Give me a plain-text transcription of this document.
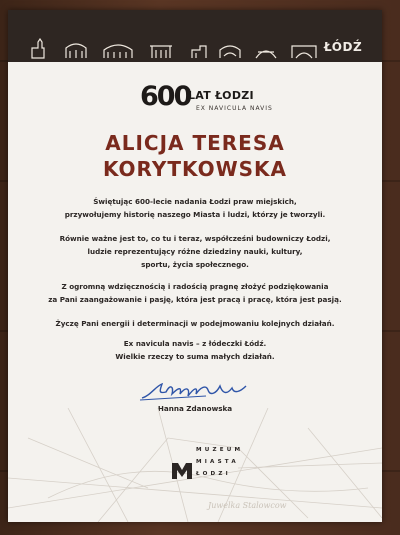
ŁÓDŹ
600
LAT ŁODZI
EX NAVICULA NAVIS
ALICJA TERESA
KORYTKOWSKA
Świętując 600-lecie nadania Łodzi praw miejskich,
przywołujemy historię naszego Miasta i ludzi, którzy je tworzyli.
Równie ważne jest to, co tu i teraz, współcześni budowniczy Łodzi,
ludzie reprezentujący różne dziedziny nauki, kultury,
sportu, życia społecznego.
Z ogromną wdzięcznością i radością pragnę złożyć podziękowania
za Pani zaangażowanie i pasję, która jest pracą i pracę, która jest pasją.
Życzę Pani energii i determinacji w podejmowaniu kolejnych działań.
Ex navicula navis – z łódeczki Łódź.
Wielkie rzeczy to suma małych działań.
Hanna Zdanowska
Juwelka Stalowcow
MUZEUM
MIASTA
ŁODZI
